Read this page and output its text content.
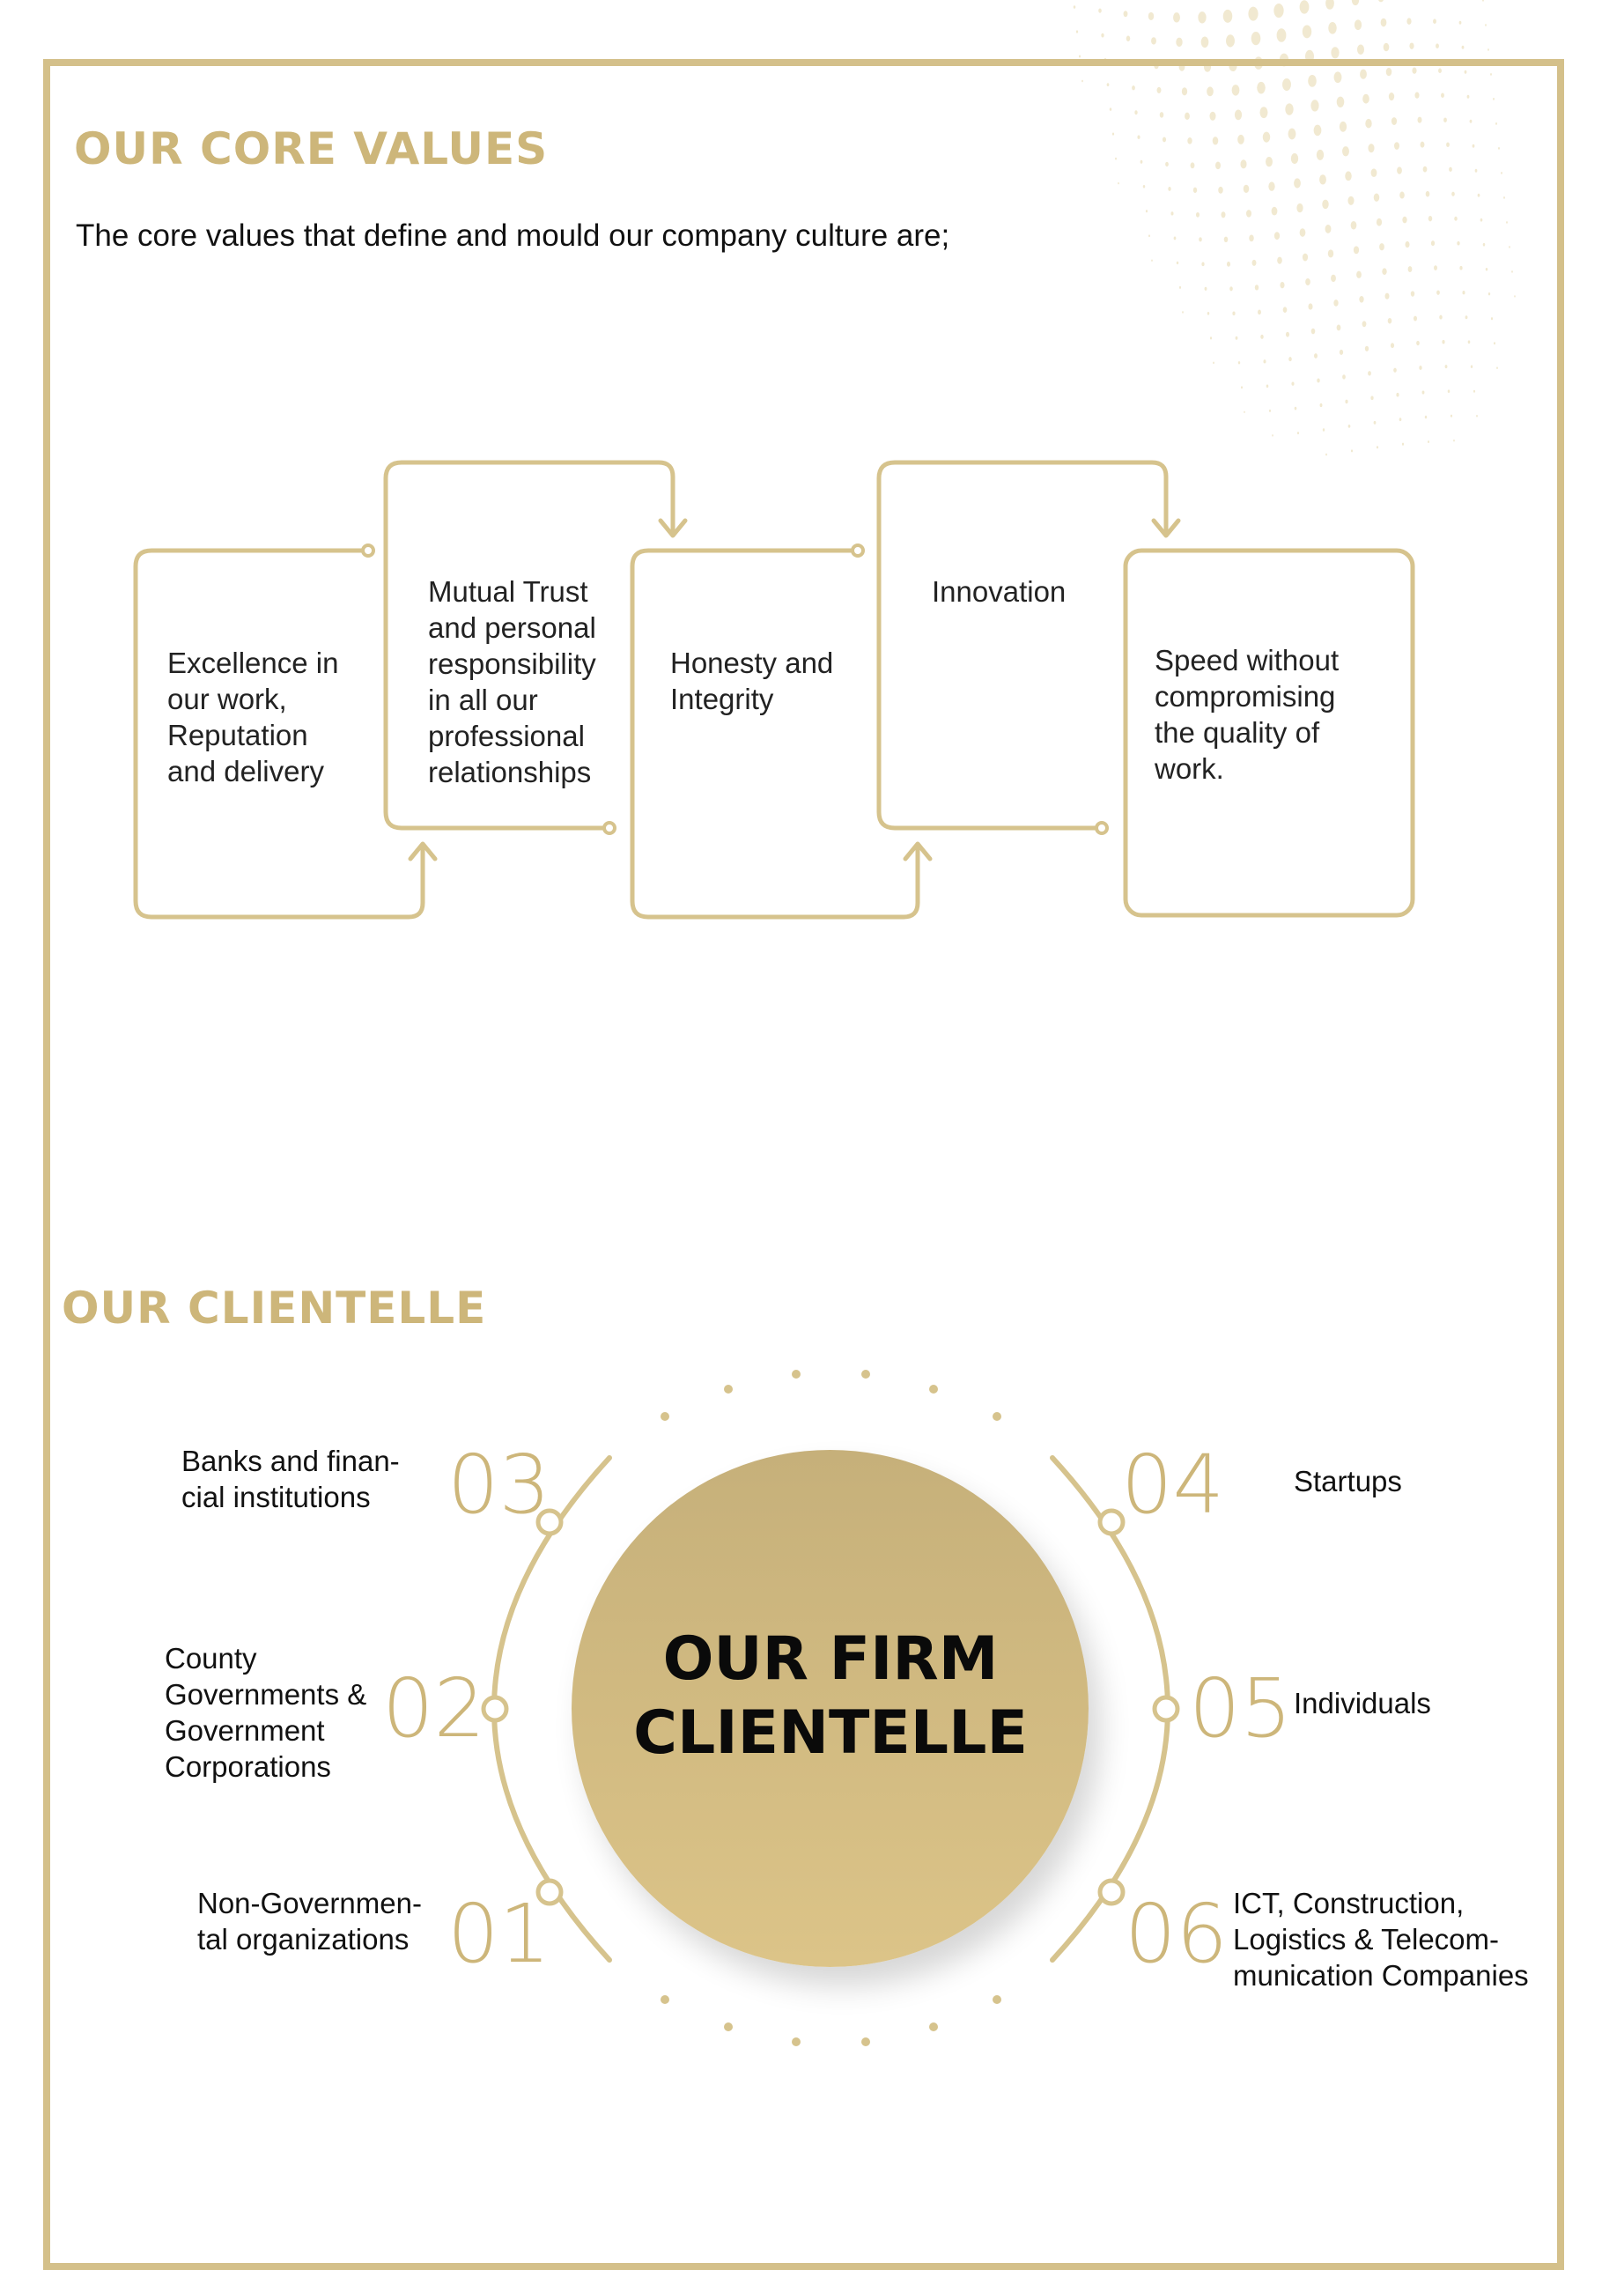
OUR CORE VALUES
The core values that define and mould our company culture are;
Excellence in
our work,
Reputation
and delivery
Mutual Trust
and personal
responsibility
in all our
professional
relationships
Honesty and
Integrity
Innovation
Speed without
compromising
the quality of
work.
OUR CLIENTELLE
OUR FIRM
CLIENTELLE
03
02
01
04
05
06
Banks and finan-
cial institutions
County
Governments &
Government
Corporations
Non-Governmen-
tal organizations
Startups
Individuals
ICT, Construction,
Logistics & Telecom-
munication Companies
